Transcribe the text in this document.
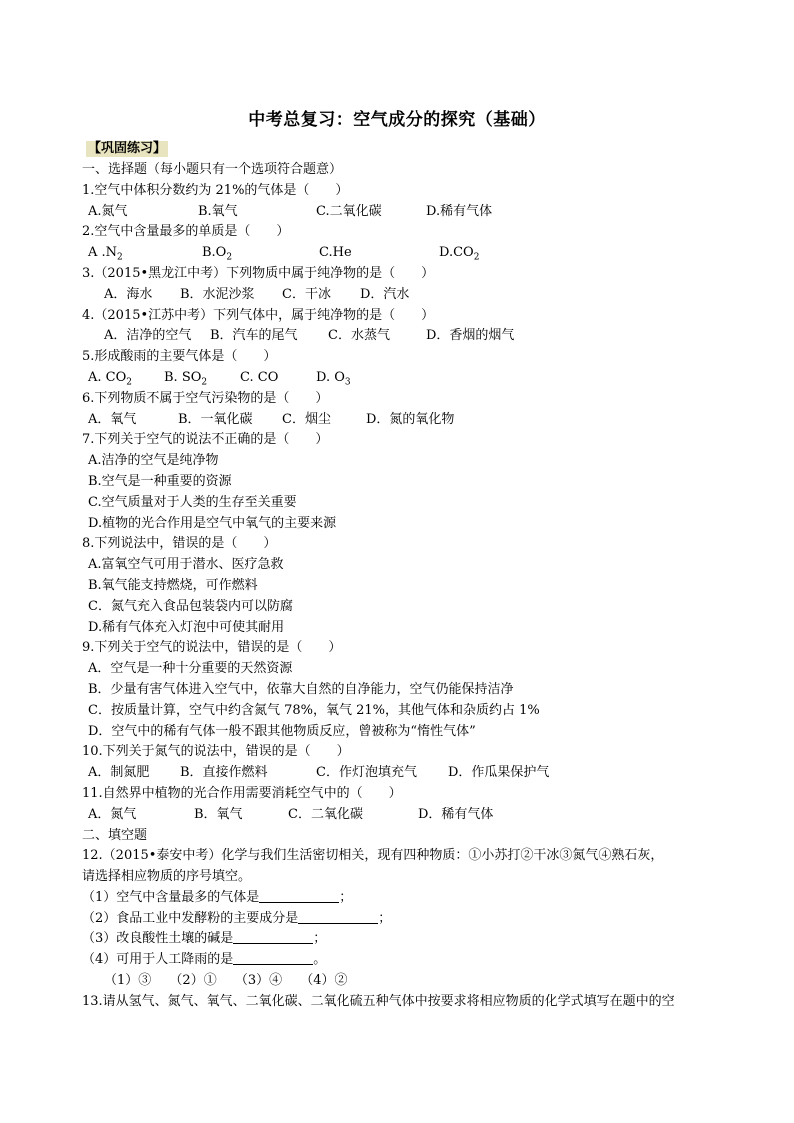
中考总复习：空气成分的探究（基础）
【巩固练习】
一、选择题（每小题只有一个选项符合题意）
1.空气中体积分数约为 21%的气体是（　　）
A.氮气	B.氧气	C.二氧化碳	D.稀有气体
2.空气中含量最多的单质是（　　）
A $.N_2$	$B.O_2$	C.He	$D.CO_2$
3.（2015•黑龙江中考）下列物质中属于纯净物的是（　　）
A．海水	B．水泥沙浆	C．干冰	D．汽水
4.（2015•江苏中考）下列气体中，属于纯净物的是（　　）
A．洁净的空气	B．汽车的尾气	C．水蒸气	D．香烟的烟气
5.形成酸雨的主要气体是（　　）
A. $CO_2$	B. $SO_2$	C. CO	D. $O_3$
6.下列物质不属于空气污染物的是（　　）
A．氧气	B．一氧化碳	C．烟尘	D．氮的氧化物
7.下列关于空气的说法不正确的是（　　）
A.洁净的空气是纯净物
B.空气是一种重要的资源
C.空气质量对于人类的生存至关重要
D.植物的光合作用是空气中氧气的主要来源
8.下列说法中，错误的是（　　）
A.富氧空气可用于潜水、医疗急救
B.氧气能支持燃烧，可作燃料
C．氮气充入食品包装袋内可以防腐
D.稀有气体充入灯泡中可使其耐用
9.下列关于空气的说法中，错误的是（　　）
A．空气是一种十分重要的天然资源
B．少量有害气体进入空气中，依靠大自然的自净能力，空气仍能保持洁净
C．按质量计算，空气中约含氮气 78%，氧气 21%，其他气体和杂质约占 1%
D．空气中的稀有气体一般不跟其他物质反应，曾被称为“惰性气体”
10.下列关于氮气的说法中，错误的是（　　）
A．制氮肥	B．直接作燃料	C．作灯泡填充气	D．作瓜果保护气
11.自然界中植物的光合作用需要消耗空气中的（　　）
A．氮气	B．氧气	C．二氧化碳	D．稀有气体
二、填空题
12.（2015•泰安中考）化学与我们生活密切相关，现有四种物质：①小苏打②干冰③氮气④熟石灰，
请选择相应物质的序号填空。
（1）空气中含量最多的气体是	；
（2）食品工业中发酵粉的主要成分是	；
（3）改良酸性土壤的碱是	；
（4）可用于人工降雨的是	。
（1）③ （2）① （3）④ （4）②
13.请从氢气、氮气、氧气、二氧化碳、二氧化硫五种气体中按要求将相应物质的化学式填写在题中的空
